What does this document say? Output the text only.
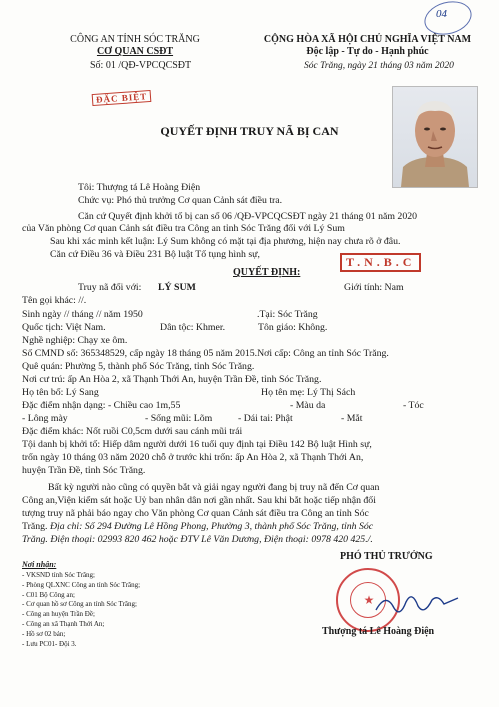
04
CÔNG AN TỈNH SÓC TRĂNG
CƠ QUAN CSĐT
Số: 01 /QĐ-VPCQCSĐT
CỘNG HÒA XÃ HỘI CHỦ NGHĨA VIỆT NAM
Độc lập - Tự do - Hạnh phúc
Sóc Trăng, ngày 21 tháng 03 năm 2020
ĐẶC BIỆT
QUYẾT ĐỊNH TRUY NÃ BỊ CAN
Tôi: Thượng tá Lê Hoàng Điện
Chức vụ: Phó thủ trưởng Cơ quan Cảnh sát điều tra.
Căn cứ Quyết định khởi tố bị can số 06 /QĐ-VPCQCSĐT ngày 21 tháng 01 năm 2020
của Văn phòng Cơ quan Cảnh sát điều tra Công an tỉnh Sóc Trăng đối với Lý Sum
Sau khi xác minh kết luận: Lý Sum không có mặt tại địa phương, hiện nay chưa rõ ở đâu.
Căn cứ Điều 36 và Điều 231 Bộ luật Tố tụng hình sự,
T.N.B.C
QUYẾT ĐỊNH:
Truy nã đối với: LÝ SUM	Giới tính: Nam
Tên gọi khác: //.
Sinh ngày // tháng // năm 1950	.Tại: Sóc Trăng
Quốc tịch: Việt Nam.	Dân tộc: Khmer.	Tôn giáo: Không.
Nghề nghiệp: Chạy xe ôm.
Số CMND số: 365348529, cấp ngày 18 tháng 05 năm 2015.Nơi cấp: Công an tỉnh Sóc Trăng.
Quê quán: Phường 5, thành phố Sóc Trăng, tỉnh Sóc Trăng.
Nơi cư trú: ấp An Hòa 2, xã Thạnh Thới An, huyện Trần Đề, tỉnh Sóc Trăng.
Họ tên bố: Lý Sang	Họ tên mẹ: Lý Thị Sách
Đặc điểm nhận dạng: - Chiều cao 1m,55	- Màu da	- Tóc
- Lông mày	- Sống mũi: Lõm	- Dái tai: Phật	- Mắt
Đặc điểm khác: Nốt ruồi C0,5cm dưới sau cánh mũi trái
Tội danh bị khởi tố: Hiếp dâm người dưới 16 tuổi quy định tại Điều 142 Bộ luật Hình sự,
trốn ngày 10 tháng 03 năm 2020 chỗ ở trước khi trốn: ấp An Hòa 2, xã Thạnh Thới An,
huyện Trần Đề, tỉnh Sóc Trăng.
Bất kỳ người nào cũng có quyền bắt và giải ngay người đang bị truy nã đến Cơ quan
Công an,Viện kiểm sát hoặc Uỷ ban nhân dân nơi gần nhất. Sau khi bắt hoặc tiếp nhận đối
tượng truy nã phải báo ngay cho Văn phòng Cơ quan Cảnh sát điều tra Công an tỉnh Sóc
Trăng. Địa chỉ: Số 294 Đường Lê Hồng Phong, Phường 3, thành phố Sóc Trăng, tỉnh Sóc
Trăng. Điện thoại: 02993 820 462 hoặc ĐTV Lê Văn Dương, Điện thoại: 0978 420 425./.
Nơi nhận:
- VKSND tỉnh Sóc Trăng;
- Phòng QLXNC Công an tỉnh Sóc Trăng;
- C01 Bộ Công an;
- Cơ quan hồ sơ Công an tỉnh Sóc Trăng;
- Công an huyện Trần Đề;
- Công an xã Thạnh Thới An;
- Hồ sơ 02 bản;
- Lưu PC01- Đội 3.
PHÓ THỦ TRƯỞNG
★
Thượng tá Lê Hoàng Điện
